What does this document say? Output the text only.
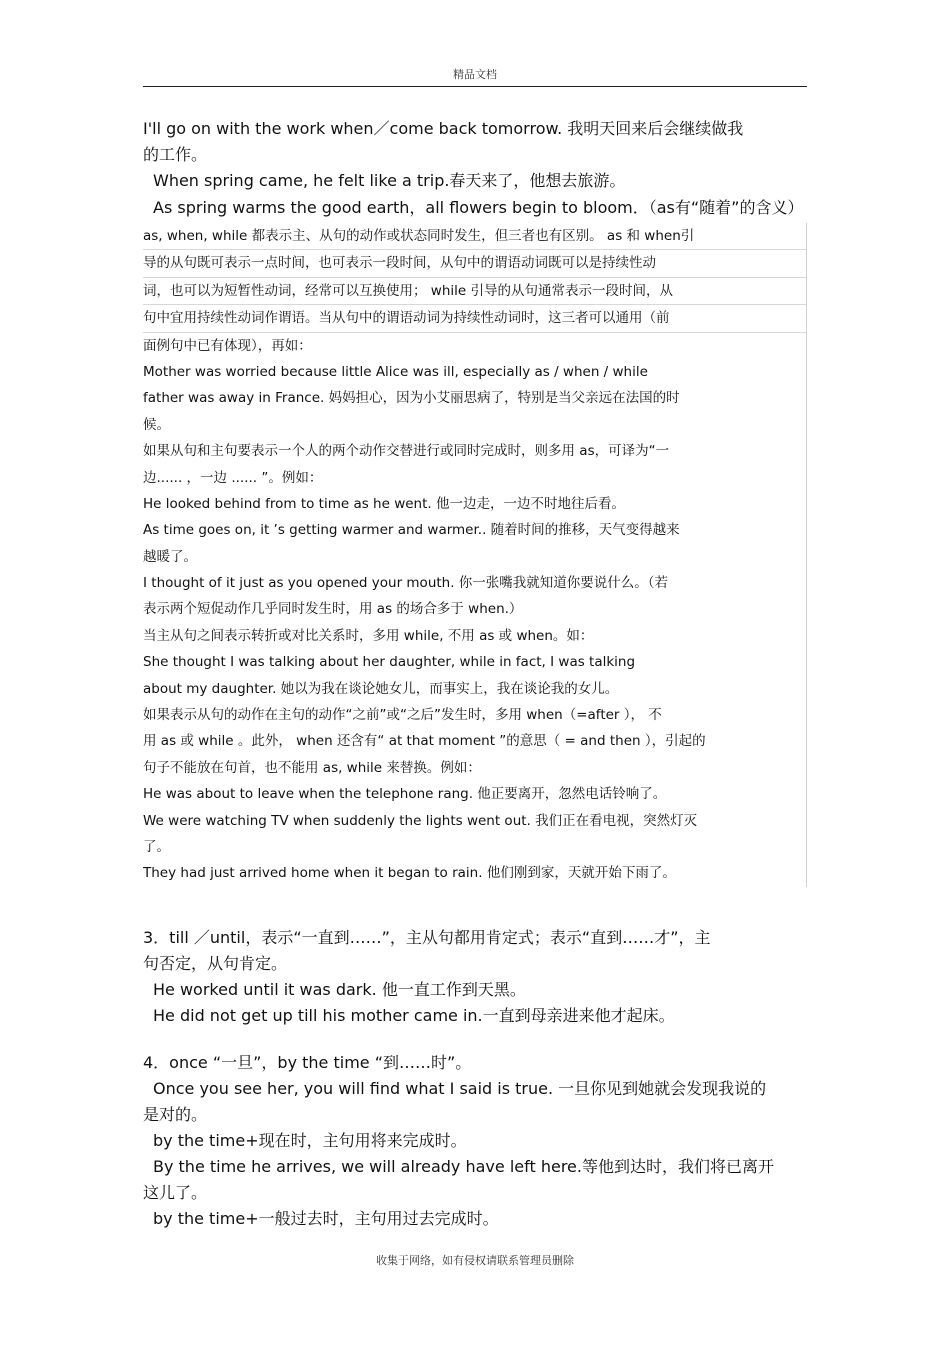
精品文档
I'll go on with the work when／come back tomorrow. 我明天回来后会继续做我
的工作。
When spring came, he felt like a trip.春天来了，他想去旅游。
As spring warms the good earth，all flowers begin to bloom．（as有“随着”的含义）
as, when, while 都表示主、从句的动作或状态同时发生，但三者也有区别。 as 和 when引
导的从句既可表示一点时间，也可表示一段时间，从句中的谓语动词既可以是持续性动
词，也可以为短暂性动词，经常可以互换使用； while 引导的从句通常表示一段时间，从
句中宜用持续性动词作谓语。当从句中的谓语动词为持续性动词时，这三者可以通用（前
面例句中已有体现），再如：
Mother was worried because little Alice was ill, especially as / when / while
father was away in France. 妈妈担心，因为小艾丽思病了，特别是当父亲远在法国的时
候。
如果从句和主句要表示一个人的两个动作交替进行或同时完成时，则多用 as，可译为“一
边...... ，一边 ...... ”。例如：
He looked behind from to time as he went. 他一边走，一边不时地往后看。
As time goes on, it ’s getting warmer and warmer.. 随着时间的推移，天气变得越来
越暖了。
I thought of it just as you opened your mouth. 你一张嘴我就知道你要说什么。（若
表示两个短促动作几乎同时发生时，用 as 的场合多于 when.）
当主从句之间表示转折或对比关系时，多用 while, 不用 as 或 when。如：
She thought I was talking about her daughter, while in fact, I was talking
about my daughter. 她以为我在谈论她女儿，而事实上，我在谈论我的女儿。
如果表示从句的动作在主句的动作“之前”或“之后”发生时，多用 when（=after ）， 不
用 as 或 while 。此外， when 还含有“ at that moment ”的意思（ = and then ），引起的
句子不能放在句首，也不能用 as, while 来替换。例如：
He was about to leave when the telephone rang. 他正要离开，忽然电话铃响了。
We were watching TV when suddenly the lights went out. 我们正在看电视，突然灯灭
了。
They had just arrived home when it began to rain. 他们刚到家，天就开始下雨了。
3．till ／until，表示“一直到……”，主从句都用肯定式；表示“直到……才”，主
句否定，从句肯定。
He worked until it was dark. 他一直工作到天黑。
He did not get up till his mother came in.一直到母亲进来他才起床。
4．once “一旦”，by the time “到……时”。
Once you see her, you will find what I said is true. 一旦你见到她就会发现我说的
是对的。
by the time+现在时，主句用将来完成时。
By the time he arrives, we will already have left here.等他到达时，我们将已离开
这儿了。
by the time+一般过去时，主句用过去完成时。
收集于网络，如有侵权请联系管理员删除
